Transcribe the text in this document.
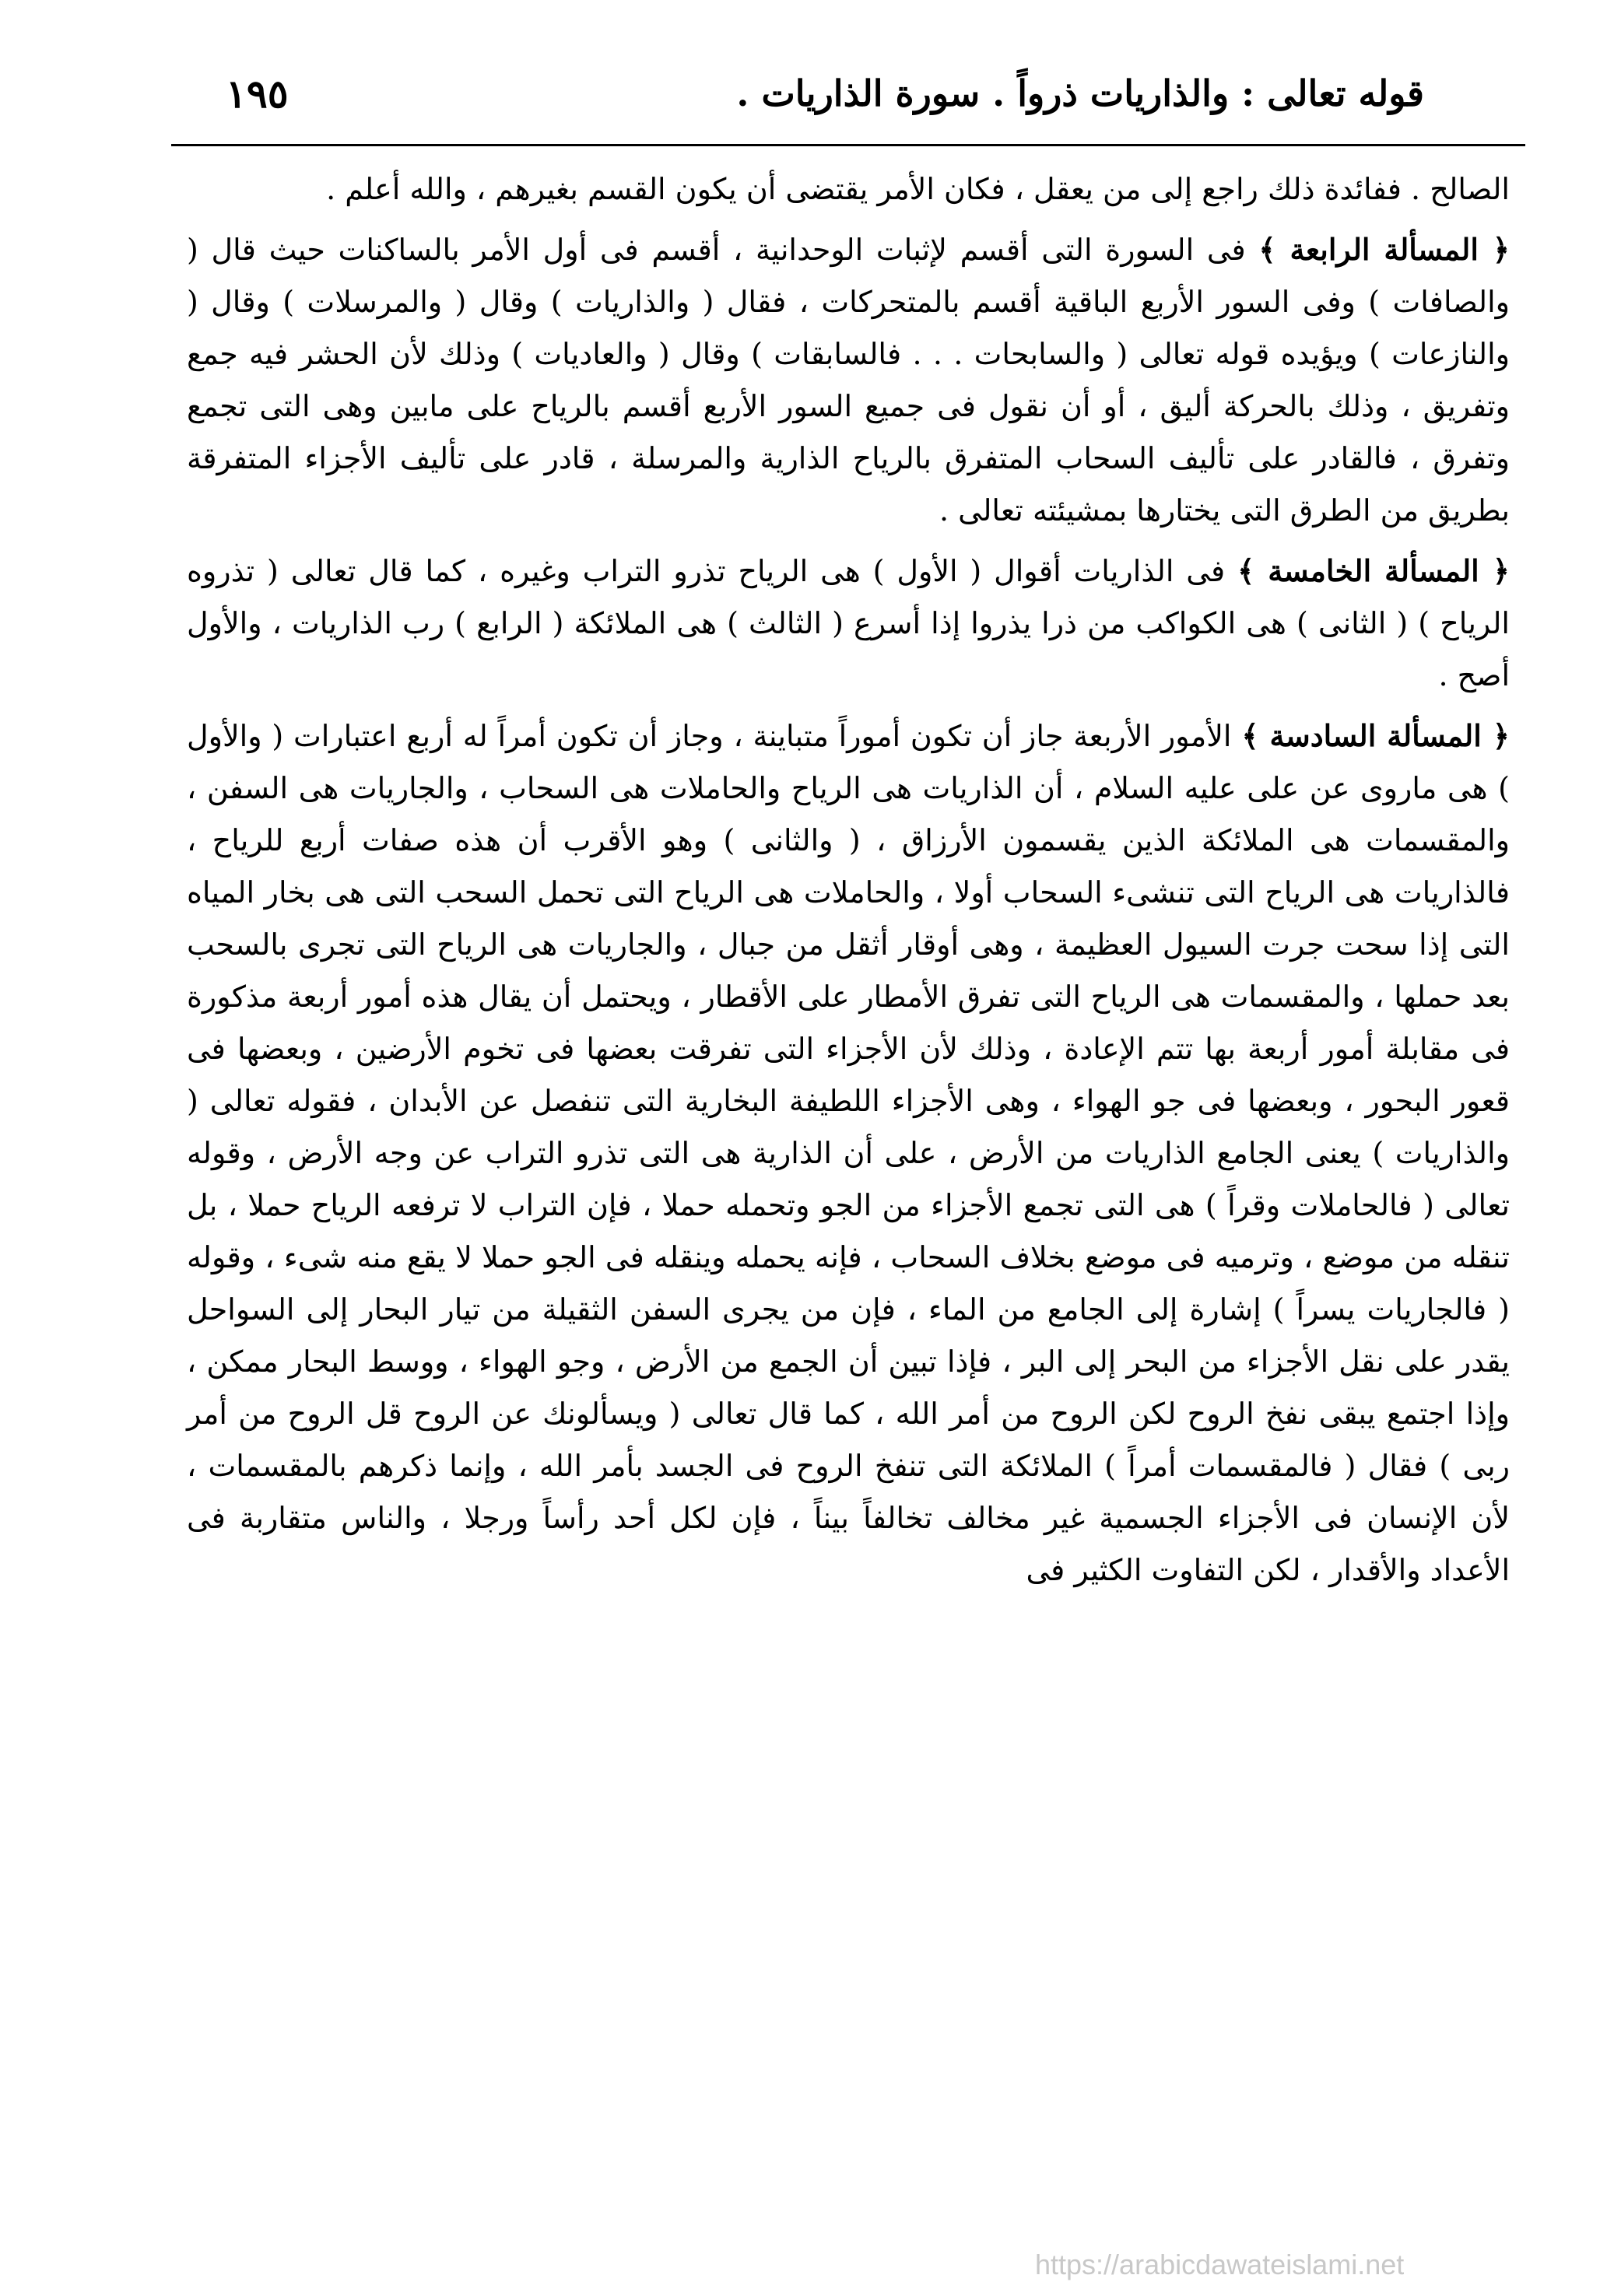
قوله تعالى : والذاريات ذرواً . سورة الذاريات .
١٩٥

الصالح . ففائدة ذلك راجع إلى من يعقل ، فكان الأمر يقتضى أن يكون القسم بغيرهم ، والله أعلم .

﴿ المسألة الرابعة ﴾ فى السورة التى أقسم لإثبات الوحدانية ، أقسم فى أول الأمر بالساكنات حيث قال ( والصافات ) وفى السور الأربع الباقية أقسم بالمتحركات ، فقال ( والذاريات ) وقال ( والمرسلات ) وقال ( والنازعات ) ويؤيده قوله تعالى ( والسابحات . . . فالسابقات ) وقال ( والعاديات ) وذلك لأن الحشر فيه جمع وتفريق ، وذلك بالحركة أليق ، أو أن نقول فى جميع السور الأربع أقسم بالرياح على مابين وهى التى تجمع وتفرق ، فالقادر على تأليف السحاب المتفرق بالرياح الذارية والمرسلة ، قادر على تأليف الأجزاء المتفرقة بطريق من الطرق التى يختارها بمشيئته تعالى .

﴿ المسألة الخامسة ﴾ فى الذاريات أقوال ( الأول ) هى الرياح تذرو التراب وغيره ، كما قال تعالى ( تذروه الرياح ) ( الثانى ) هى الكواكب من ذرا يذروا إذا أسرع ( الثالث ) هى الملائكة ( الرابع ) رب الذاريات ، والأول أصح .

﴿ المسألة السادسة ﴾ الأمور الأربعة جاز أن تكون أموراً متباينة ، وجاز أن تكون أمراً له أربع اعتبارات ( والأول ) هى ماروى عن على عليه السلام ، أن الذاريات هى الرياح والحاملات هى السحاب ، والجاريات هى السفن ، والمقسمات هى الملائكة الذين يقسمون الأرزاق ، ( والثانى ) وهو الأقرب أن هذه صفات أربع للرياح ، فالذاريات هى الرياح التى تنشىء السحاب أولا ، والحاملات هى الرياح التى تحمل السحب التى هى بخار المياه التى إذا سحت جرت السيول العظيمة ، وهى أوقار أثقل من جبال ، والجاريات هى الرياح التى تجرى بالسحب بعد حملها ، والمقسمات هى الرياح التى تفرق الأمطار على الأقطار ، ويحتمل أن يقال هذه أمور أربعة مذكورة فى مقابلة أمور أربعة بها تتم الإعادة ، وذلك لأن الأجزاء التى تفرقت بعضها فى تخوم الأرضين ، وبعضها فى قعور البحور ، وبعضها فى جو الهواء ، وهى الأجزاء اللطيفة البخارية التى تنفصل عن الأبدان ، فقوله تعالى ( والذاريات ) يعنى الجامع الذاريات من الأرض ، على أن الذارية هى التى تذرو التراب عن وجه الأرض ، وقوله تعالى ( فالحاملات وقراً ) هى التى تجمع الأجزاء من الجو وتحمله حملا ، فإن التراب لا ترفعه الرياح حملا ، بل تنقله من موضع ، وترميه فى موضع بخلاف السحاب ، فإنه يحمله وينقله فى الجو حملا لا يقع منه شىء ، وقوله ( فالجاريات يسراً ) إشارة إلى الجامع من الماء ، فإن من يجرى السفن الثقيلة من تيار البحار إلى السواحل يقدر على نقل الأجزاء من البحر إلى البر ، فإذا تبين أن الجمع من الأرض ، وجو الهواء ، ووسط البحار ممكن ، وإذا اجتمع يبقى نفخ الروح لكن الروح من أمر الله ، كما قال تعالى ( ويسألونك عن الروح قل الروح من أمر ربى ) فقال ( فالمقسمات أمراً ) الملائكة التى تنفخ الروح فى الجسد بأمر الله ، وإنما ذكرهم بالمقسمات ، لأن الإنسان فى الأجزاء الجسمية غير مخالف تخالفاً بيناً ، فإن لكل أحد رأساً ورجلا ، والناس متقاربة فى الأعداد والأقدار ، لكن التفاوت الكثير فى

https://arabicdawateislami.net
